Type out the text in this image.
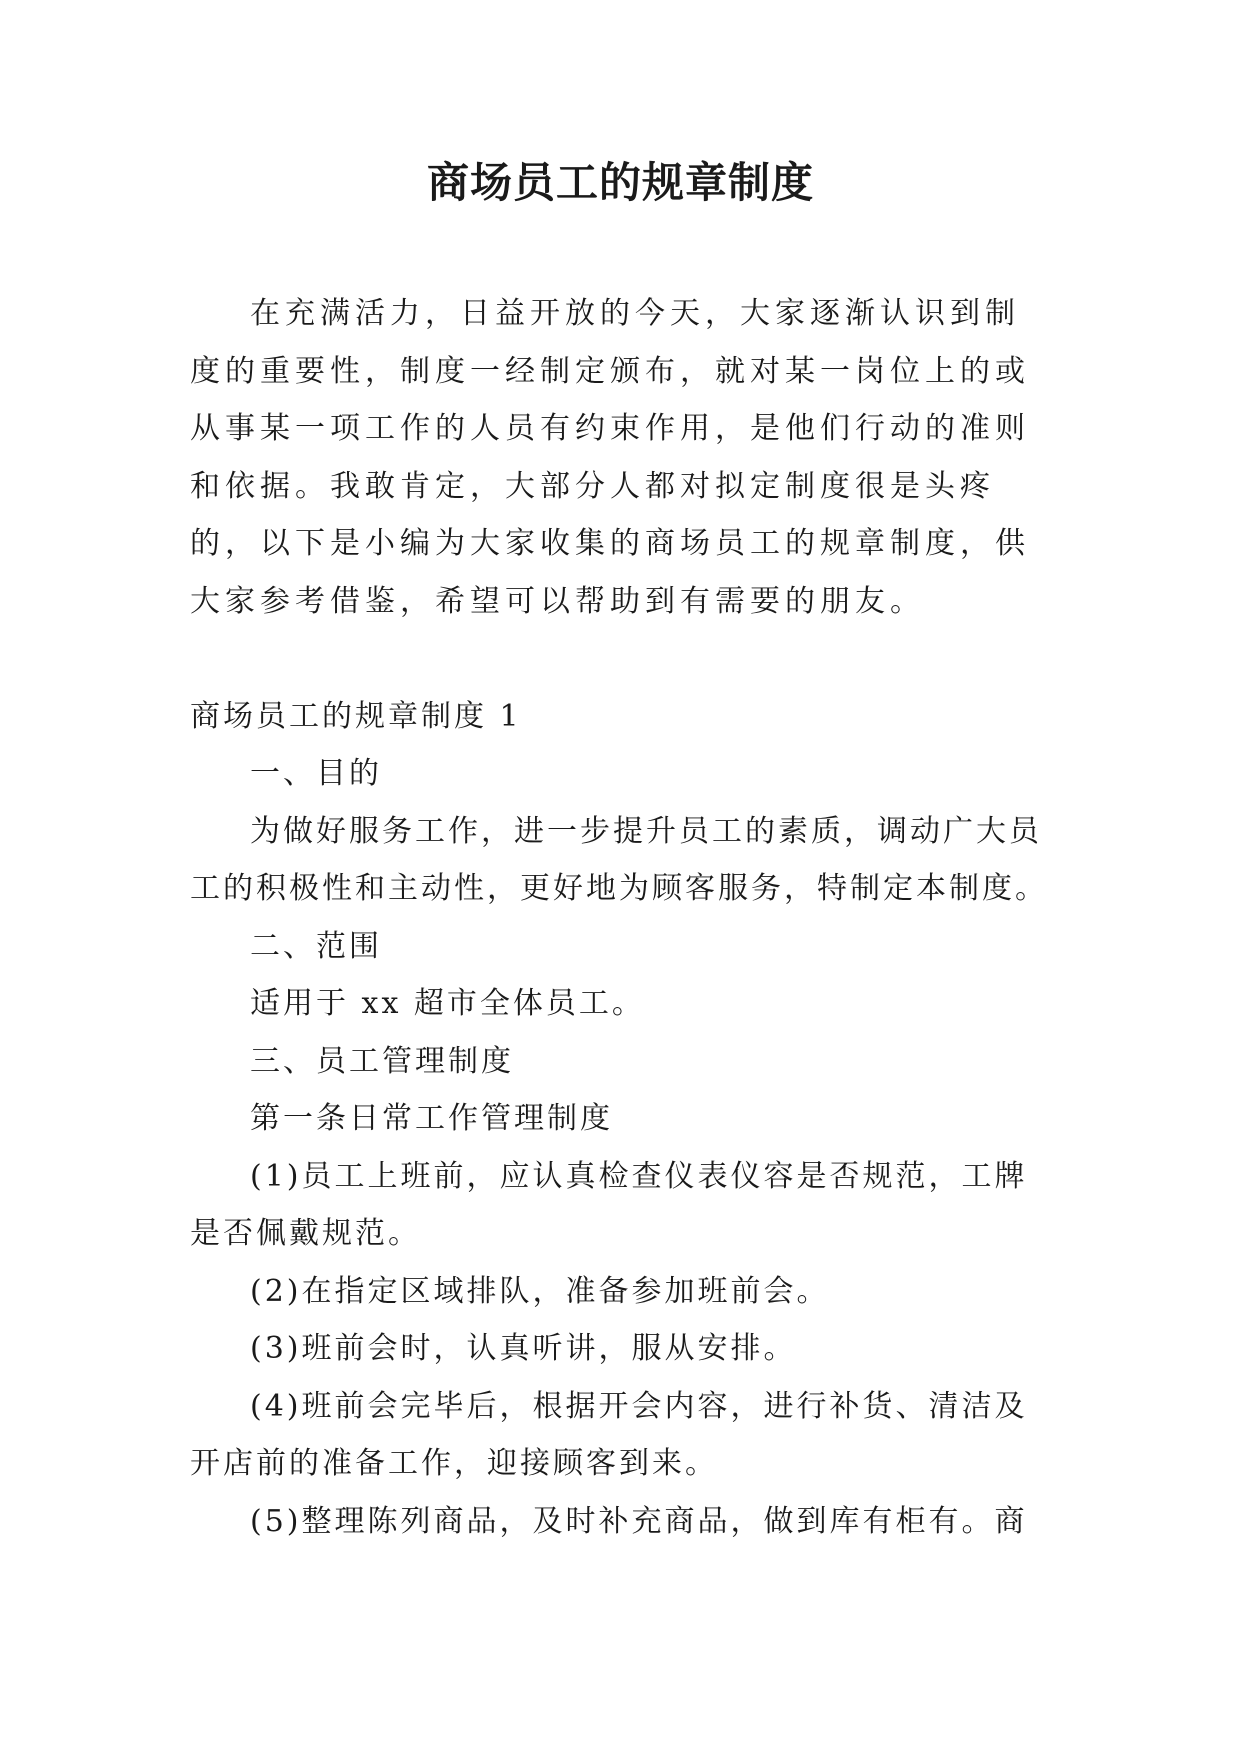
商场员工的规章制度

在充满活力，日益开放的今天，大家逐渐认识到制度的重要性，制度一经制定颁布，就对某一岗位上的或从事某一项工作的人员有约束作用，是他们行动的准则和依据。我敢肯定，大部分人都对拟定制度很是头疼的，以下是小编为大家收集的商场员工的规章制度，供大家参考借鉴，希望可以帮助到有需要的朋友。

商场员工的规章制度 1

一、目的

为做好服务工作，进一步提升员工的素质，调动广大员工的积极性和主动性，更好地为顾客服务，特制定本制度。

二、范围

适用于 xx 超市全体员工。

三、员工管理制度

第一条日常工作管理制度

(1)员工上班前，应认真检查仪表仪容是否规范，工牌是否佩戴规范。

(2)在指定区域排队，准备参加班前会。

(3)班前会时，认真听讲，服从安排。

(4)班前会完毕后，根据开会内容，进行补货、清洁及开店前的准备工作，迎接顾客到来。

(5)整理陈列商品，及时补充商品，做到库有柜有。商
